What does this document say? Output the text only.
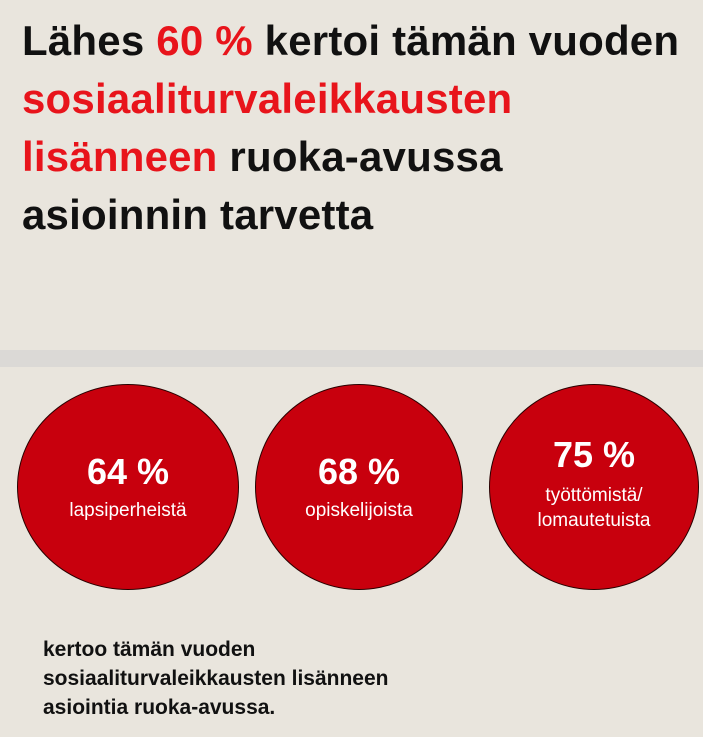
Lähes 60 % kertoi tämän vuoden
sosiaaliturvaleikkausten lisänneen ruoka-avussa asioinnin tarvetta
64 %
lapsiperheistä
68 %
opiskelijoista
75 %
työttömistä/
lomautetuista

kertoo tämän vuoden
sosiaaliturvaleikkausten lisänneen
asiointia ruoka-avussa.
